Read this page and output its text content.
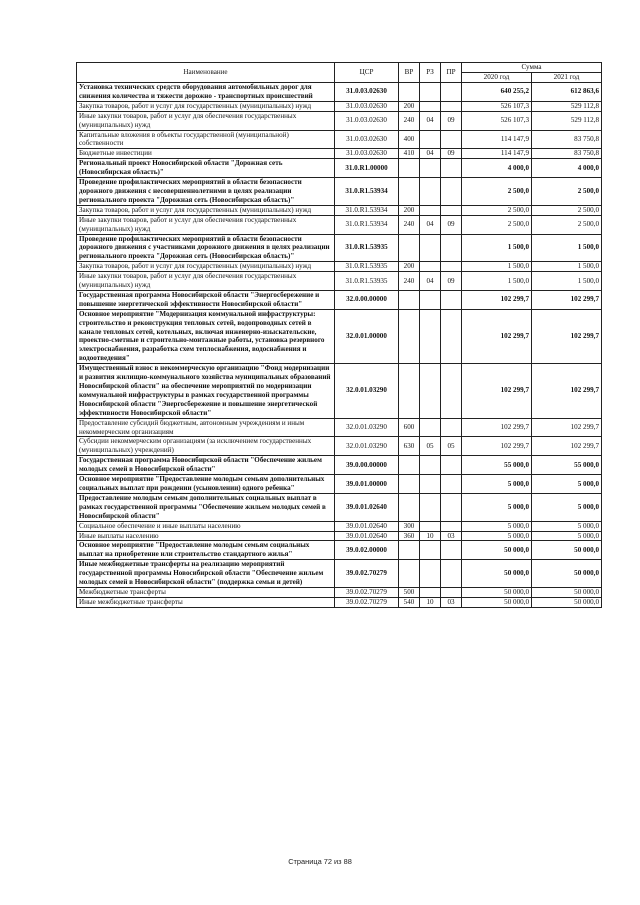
Наименование	ЦСР	ВР	РЗ	ПР	Сумма	
					2020 год	2021 год
Установка технических средств оборудования автомобильных дорог для снижения количества и тяжести дорожно - транспортных происшествий	31.0.03.02630				640 255,2	612 863,6
Закупка товаров, работ и услуг для государственных (муниципальных) нужд	31.0.03.02630	200			526 107,3	529 112,8
Иные закупки товаров, работ и услуг для обеспечения государственных (муниципальных) нужд	31.0.03.02630	240	04	09	526 107,3	529 112,8
Капитальные вложения в объекты государственной (муниципальной) собственности	31.0.03.02630	400			114 147,9	83 750,8
Бюджетные инвестиции	31.0.03.02630	410	04	09	114 147,9	83 750,8
Региональный проект Новосибирской области "Дорожная сеть (Новосибирская область)"	31.0.R1.00000				4 000,0	4 000,0
Проведение профилактических мероприятий в области безопасности дорожного движения с несовершеннолетними в целях реализации регионального проекта "Дорожная сеть (Новосибирская область)"	31.0.R1.53934				2 500,0	2 500,0
Закупка товаров, работ и услуг для государственных (муниципальных) нужд	31.0.R1.53934	200			2 500,0	2 500,0
Иные закупки товаров, работ и услуг для обеспечения государственных (муниципальных) нужд	31.0.R1.53934	240	04	09	2 500,0	2 500,0
Проведение профилактических мероприятий в области безопасности дорожного движения с участниками дорожного движения в целях реализации регионального проекта "Дорожная сеть (Новосибирская область)"	31.0.R1.53935				1 500,0	1 500,0
Закупка товаров, работ и услуг для государственных (муниципальных) нужд	31.0.R1.53935	200			1 500,0	1 500,0
Иные закупки товаров, работ и услуг для обеспечения государственных (муниципальных) нужд	31.0.R1.53935	240	04	09	1 500,0	1 500,0
Государственная программа Новосибирской области "Энергосбережение и повышение энергетической эффективности Новосибирской области"	32.0.00.00000				102 299,7	102 299,7
Основное мероприятие "Модернизация коммунальной инфраструктуры: строительство и реконструкция тепловых сетей, водопроводных сетей в канале тепловых сетей, котельных, включая инженерно-изыскательские, проектно-сметные и строительно-монтажные работы, установка резервного электроснабжения, разработка схем теплоснабжения, водоснабжения и водоотведения"	32.0.01.00000				102 299,7	102 299,7
Имущественный взнос в некоммерческую организацию "Фонд модернизации и развития жилищно-коммунального хозяйства муниципальных образований Новосибирской области" на обеспечение мероприятий по модернизации коммунальной инфраструктуры в рамках государственной программы Новосибирской области "Энергосбережение и повышение энергетической эффективности Новосибирской области"	32.0.01.03290				102 299,7	102 299,7
Предоставление субсидий бюджетным, автономным учреждениям и иным некоммерческим организациям	32.0.01.03290	600			102 299,7	102 299,7
Субсидии некоммерческим организациям (за исключением государственных (муниципальных) учреждений)	32.0.01.03290	630	05	05	102 299,7	102 299,7
Государственная программа Новосибирской области "Обеспечение жильем молодых семей в Новосибирской области"	39.0.00.00000				55 000,0	55 000,0
Основное мероприятие "Предоставление молодым семьям дополнительных социальных выплат при рождении (усыновлении) одного ребенка"	39.0.01.00000				5 000,0	5 000,0
Предоставление молодым семьям дополнительных социальных выплат в рамках государственной программы "Обеспечение жильем молодых семей в Новосибирской области"	39.0.01.02640				5 000,0	5 000,0
Социальное обеспечение и иные выплаты населению	39.0.01.02640	300			5 000,0	5 000,0
Иные выплаты населению	39.0.01.02640	360	10	03	5 000,0	5 000,0
Основное мероприятие "Предоставление молодым семьям социальных выплат на приобретение или строительство стандартного жилья"	39.0.02.00000				50 000,0	50 000,0
Иные межбюджетные трансферты на реализацию мероприятий государственной программы Новосибирской области "Обеспечение жильем молодых семей в Новосибирской области" (поддержка семьи и детей)	39.0.02.70279				50 000,0	50 000,0
Межбюджетные трансферты	39.0.02.70279	500			50 000,0	50 000,0
Иные межбюджетные трансферты	39.0.02.70279	540	10	03	50 000,0	50 000,0
Страница 72 из 88
